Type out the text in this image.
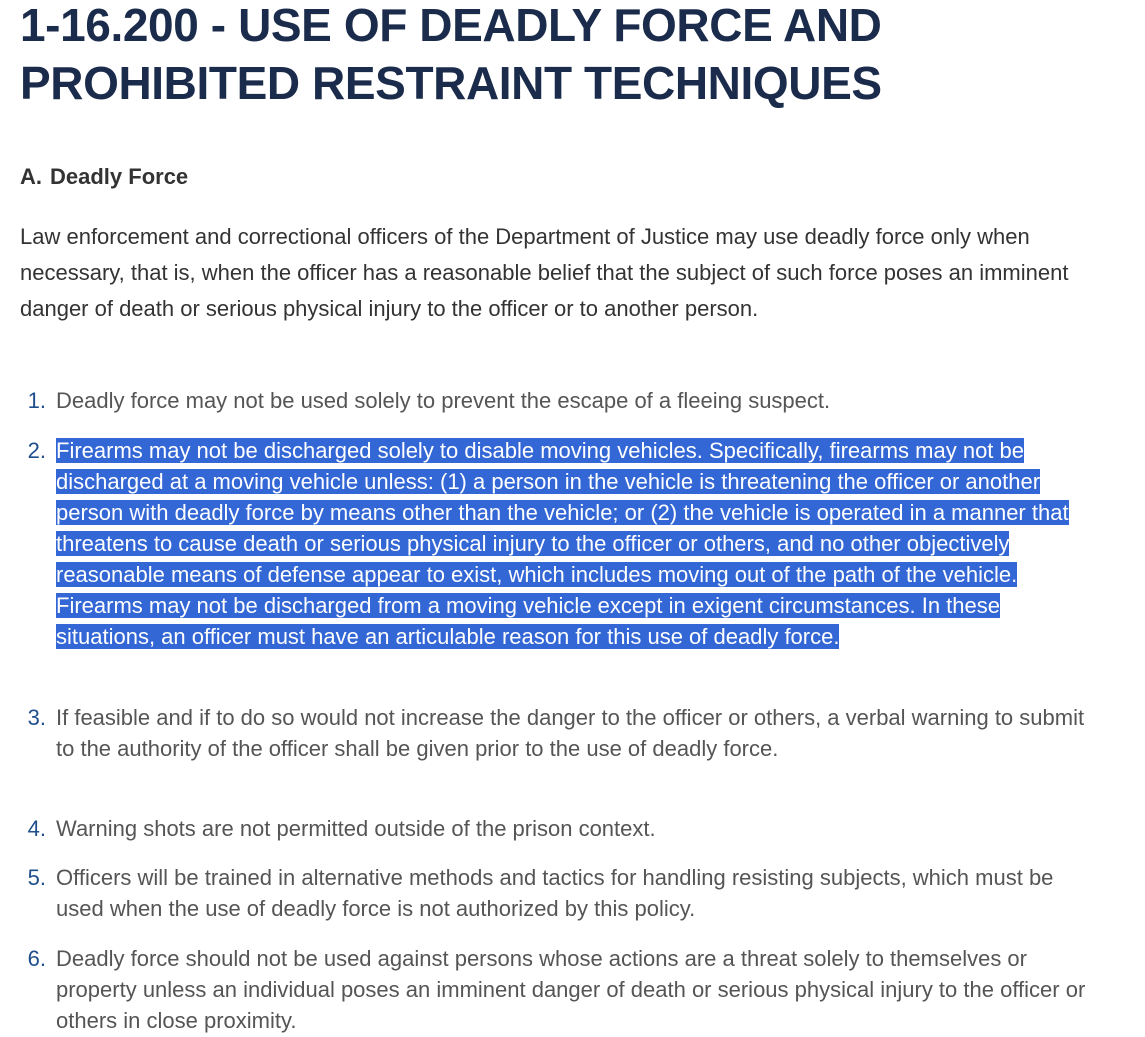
1-16.200 - USE OF DEADLY FORCE AND PROHIBITED RESTRAINT TECHNIQUES
A. Deadly Force

Law enforcement and correctional officers of the Department of Justice may use deadly force only when necessary, that is, when the officer has a reasonable belief that the subject of such force poses an imminent danger of death or serious physical injury to the officer or to another person.

1. Deadly force may not be used solely to prevent the escape of a fleeing suspect.

2. Firearms may not be discharged solely to disable moving vehicles. Specifically, firearms may not be discharged at a moving vehicle unless: (1) a person in the vehicle is threatening the officer or another person with deadly force by means other than the vehicle; or (2) the vehicle is operated in a manner that threatens to cause death or serious physical injury to the officer or others, and no other objectively reasonable means of defense appear to exist, which includes moving out of the path of the vehicle. Firearms may not be discharged from a moving vehicle except in exigent circumstances. In these situations, an officer must have an articulable reason for this use of deadly force.

3. If feasible and if to do so would not increase the danger to the officer or others, a verbal warning to submit to the authority of the officer shall be given prior to the use of deadly force.

4. Warning shots are not permitted outside of the prison context.

5. Officers will be trained in alternative methods and tactics for handling resisting subjects, which must be used when the use of deadly force is not authorized by this policy.

6. Deadly force should not be used against persons whose actions are a threat solely to themselves or property unless an individual poses an imminent danger of death or serious physical injury to the officer or others in close proximity.
